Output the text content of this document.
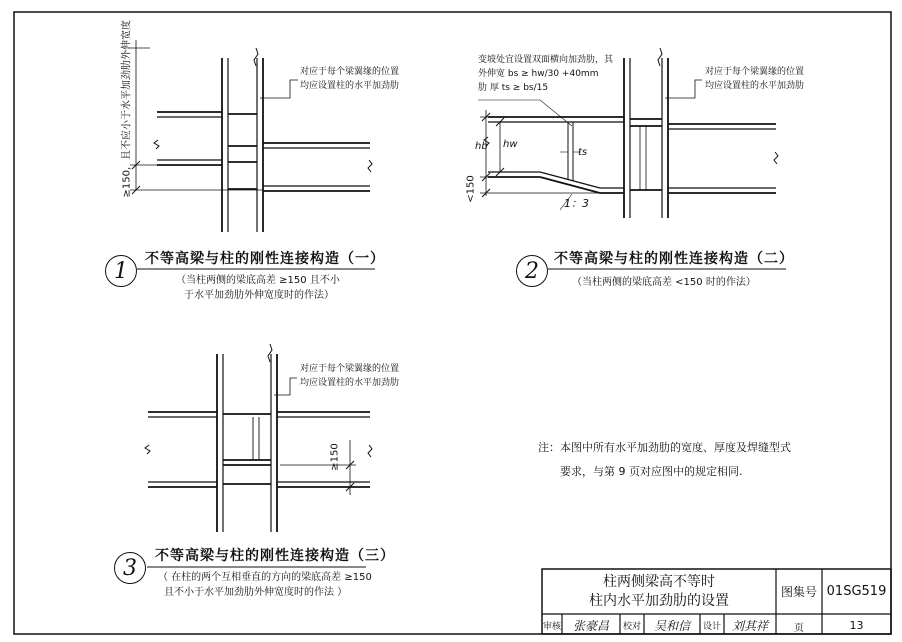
对应于每个梁翼缘的位置
均应设置柱的水平加劲肋
≥150，且不应小于水平加劲肋外伸宽度
1 不等高梁与柱的刚性连接构造（一）
（当柱两侧的梁底高差 ≥150 且不小
于水平加劲肋外伸宽度时的作法）
变坡处宜设置双面横向加劲肋，其
外伸宽 bs ≥ hw/30 +40mm
肋 厚 ts ≥ bs/15
对应于每个梁翼缘的位置
均应设置柱的水平加劲肋
hb hw
ts
<150
1：3
2 不等高梁与柱的刚性连接构造（二）
（当柱两侧的梁底高差 <150 时的作法）
对应于每个梁翼缘的位置
均应设置柱的水平加劲肋
≥150
3 不等高梁与柱的刚性连接构造（三）
（ 在柱的两个互相垂直的方向的梁底高差 ≥150
且不小于水平加劲肋外伸宽度时的作法 ）
注：本图中所有水平加劲肋的宽度、厚度及焊缝型式
要求，与第 9 页对应图中的规定相同.
柱两侧梁高不等时
柱内水平加劲肋的设置
图集号 01SG519
审核 张豪昌	校对	吴和信	设计 刘其祥	页	13
